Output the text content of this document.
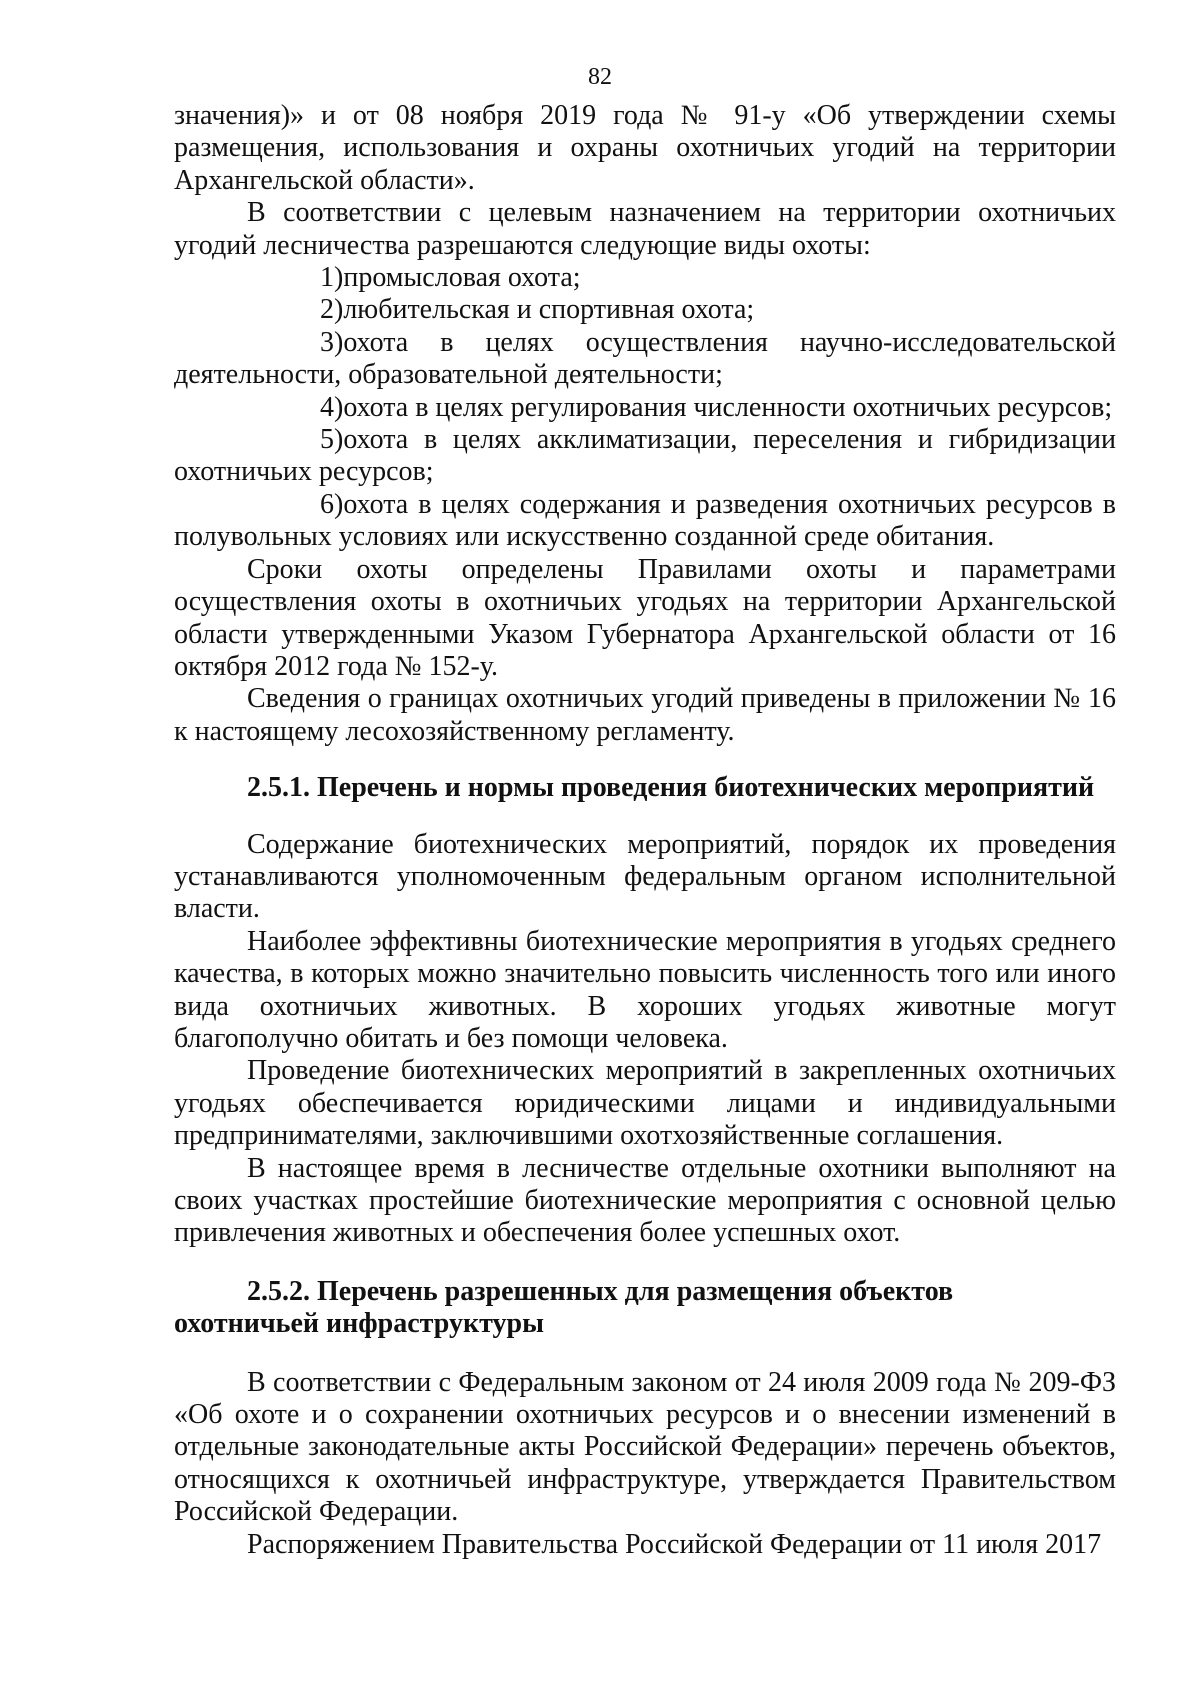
82

значения)» и от 08 ноября 2019 года № 91-у «Об утверждении схемы размещения, использования и охраны охотничьих угодий на территории Архангельской области».

В соответствии с целевым назначением на территории охотничьих угодий лесничества разрешаются следующие виды охоты:

1)промысловая охота;

2)любительская и спортивная охота;

3)охота в целях осуществления научно-исследовательской деятельности, образовательной деятельности;

4)охота в целях регулирования численности охотничьих ресурсов;

5)охота в целях акклиматизации, переселения и гибридизации охотничьих ресурсов;

6)охота в целях содержания и разведения охотничьих ресурсов в полувольных условиях или искусственно созданной среде обитания.

Сроки охоты определены Правилами охоты и параметрами осуществления охоты в охотничьих угодьях на территории Архангельской области утвержденными Указом Губернатора Архангельской области от 16 октября 2012 года № 152-у.

Сведения о границах охотничьих угодий приведены в приложении № 16 к настоящему лесохозяйственному регламенту.

2.5.1. Перечень и нормы проведения биотехнических мероприятий

Содержание биотехнических мероприятий, порядок их проведения устанавливаются уполномоченным федеральным органом исполнительной власти.

Наиболее эффективны биотехнические мероприятия в угодьях среднего качества, в которых можно значительно повысить численность того или иного вида охотничьих животных. В хороших угодьях животные могут благополучно обитать и без помощи человека.

Проведение биотехнических мероприятий в закрепленных охотничьих угодьях обеспечивается юридическими лицами и индивидуальными предпринимателями, заключившими охотхозяйственные соглашения.

В настоящее время в лесничестве отдельные охотники выполняют на своих участках простейшие биотехнические мероприятия с основной целью привлечения животных и обеспечения более успешных охот.

2.5.2. Перечень разрешенных для размещения объектов
охотничьей инфраструктуры

В соответствии с Федеральным законом от 24 июля 2009 года № 209-ФЗ «Об охоте и о сохранении охотничьих ресурсов и о внесении изменений в отдельные законодательные акты Российской Федерации» перечень объектов, относящихся к охотничьей инфраструктуре, утверждается Правительством Российской Федерации.

Распоряжением Правительства Российской Федерации от 11 июля 2017
